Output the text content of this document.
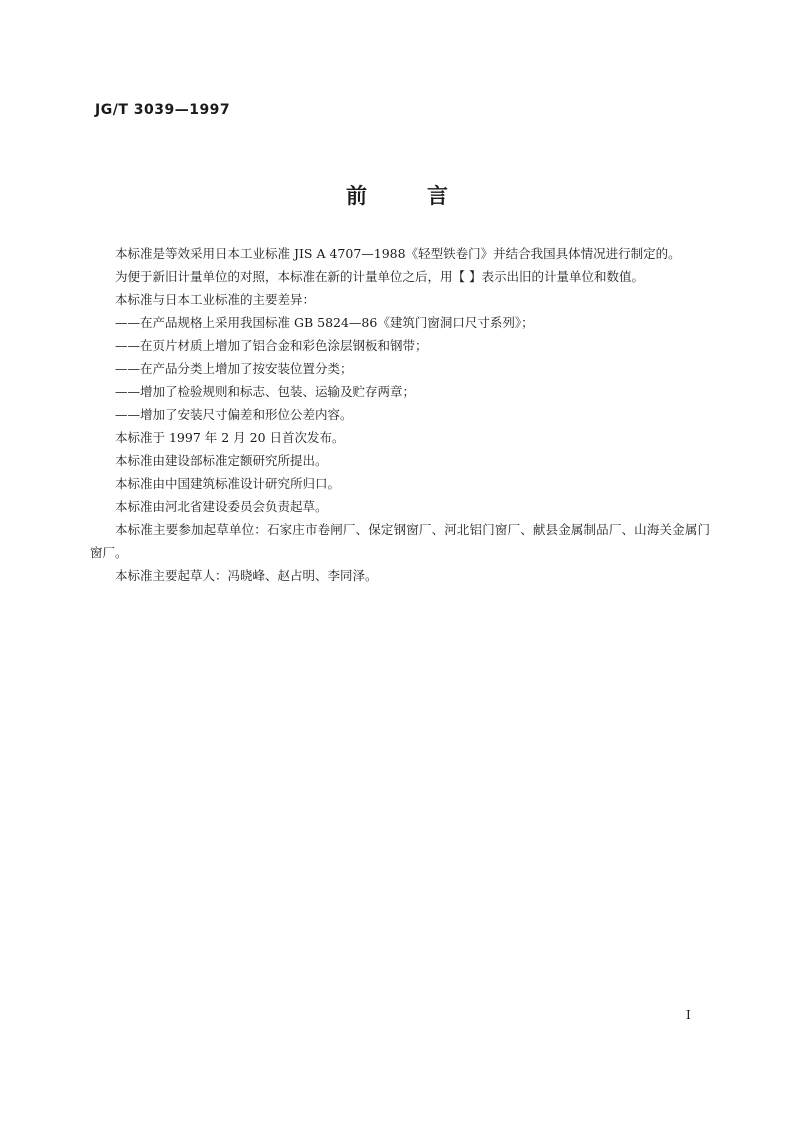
JG/T 3039—1997
前	言

本标准是等效采用日本工业标准 JIS A 4707—1988《轻型铁卷门》并结合我国具体情况进行制定的。

为便于新旧计量单位的对照，本标准在新的计量单位之后，用【 】表示出旧的计量单位和数值。

本标准与日本工业标准的主要差异：

——在产品规格上采用我国标准 GB 5824—86《建筑门窗洞口尺寸系列》；

——在页片材质上增加了铝合金和彩色涂层钢板和钢带；

——在产品分类上增加了按安装位置分类；

——增加了检验规则和标志、包装、运输及贮存两章；

——增加了安装尺寸偏差和形位公差内容。

本标准于 1997 年 2 月 20 日首次发布。

本标准由建设部标准定额研究所提出。

本标准由中国建筑标准设计研究所归口。

本标准由河北省建设委员会负责起草。

本标准主要参加起草单位：石家庄市卷闸厂、保定钢窗厂、河北铝门窗厂、献县金属制品厂、山海关金属门窗厂。

本标准主要起草人：冯晓峰、赵占明、李同泽。

I
